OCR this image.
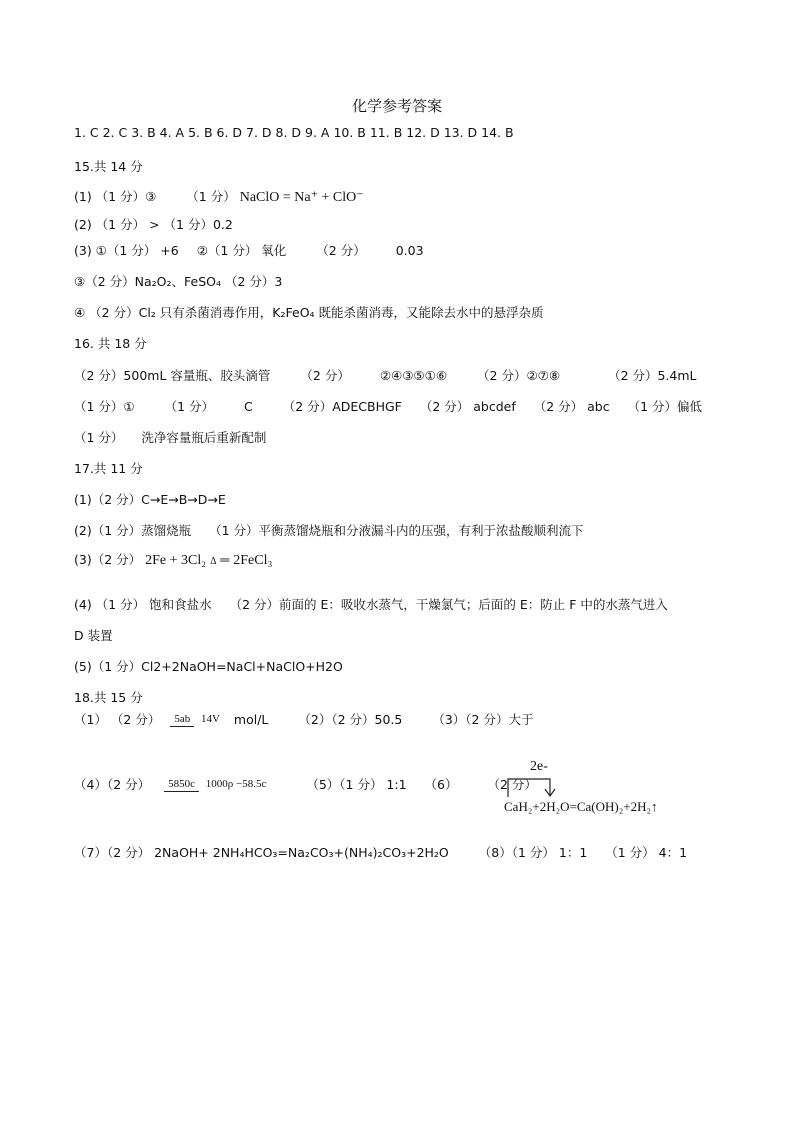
化学参考答案
1. C 2. C 3. B 4. A 5. B 6. D 7. D 8. D 9. A 10. B 11. B 12. D 13. D 14. B
15.共 14 分
(1) （1 分）③ （1 分） NaClO = Na⁺ + ClO⁻
(2) （1 分） > （1 分）0.2
(3) ①（1 分） +6 ②（1 分） 氧化 （2 分） 0.03
③（2 分）Na₂O₂、FeSO₄ （2 分）3
④ （2 分）Cl₂ 只有杀菌消毒作用，K₂FeO₄ 既能杀菌消毒，又能除去水中的悬浮杂质
16. 共 18 分
（2 分）500mL 容量瓶、胶头滴管 （2 分） ②④③⑤①⑥ （2 分）②⑦⑧	（2 分）5.4mL
（1 分）① （1 分） C （2 分）ADECBHGF （2 分） abcdef （2 分） abc （1 分）偏低
（1 分） 洗净容量瓶后重新配制
17.共 11 分
(1)（2 分）C→E→B→D→E
(2)（1 分）蒸馏烧瓶 （1 分）平衡蒸馏烧瓶和分液漏斗内的压强，有利于浓盐酸顺利流下
(3)（2 分） 2Fe + 3Cl₂ Δ ═ 2FeCl₃
(4) （1 分） 饱和食盐水 （2 分）前面的 E：吸收水蒸气，干燥氯气；后面的 E：防止 F 中的水蒸气进入
D 装置
(5)（1 分）Cl2+2NaOH=NaCl+NaClO+H2O
18.共 15 分
（1） （2 分） 5ab 14V mol/L （2）（2 分）50.5 （3）（2 分）大于
（4）（2 分） 5850c 1000ρ −58.5c	（5）（1 分） 1:1 （6） （2 分）
2e-
CaH₂+2H₂O=Ca(OH)₂+2H₂↑
（7）（2 分） 2NaOH+ 2NH₄HCO₃=Na₂CO₃+(NH₄)₂CO₃+2H₂O （8）（1 分） 1：1 （1 分） 4：1
